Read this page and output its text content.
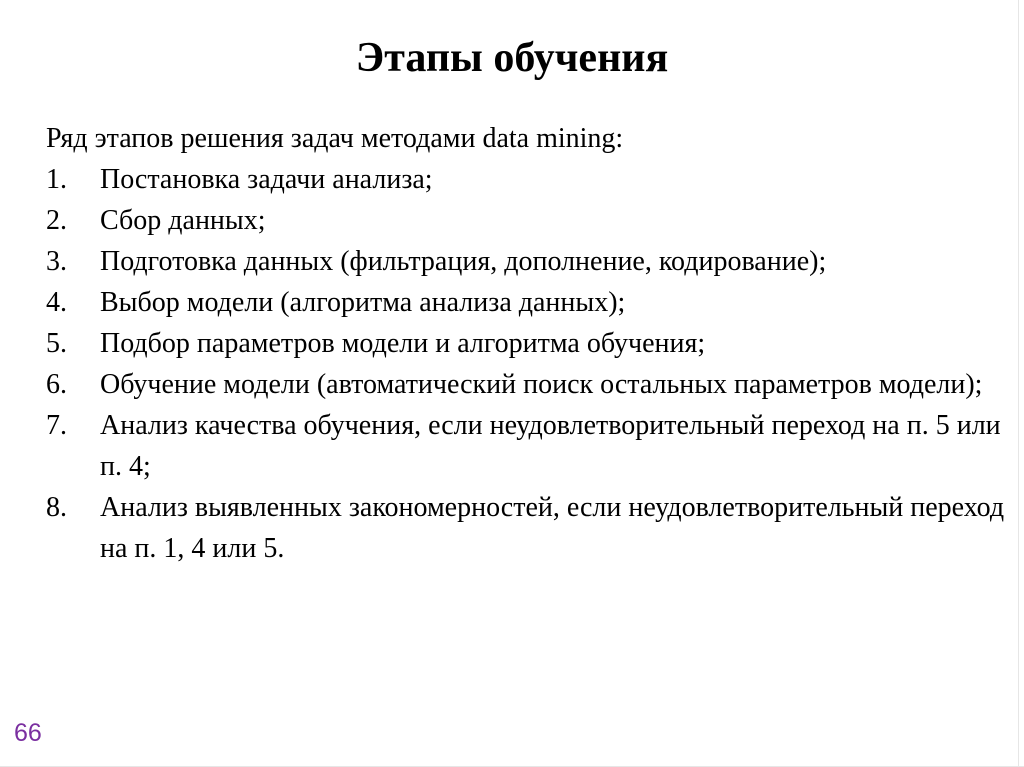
Этапы обучения

Ряд этапов решения задач методами data mining:

1.	Постановка задачи анализа;
2.	Сбор данных;
3.	Подготовка данных (фильтрация, дополнение, кодирование);
4.	Выбор модели (алгоритма анализа данных);
5.	Подбор параметров модели и алгоритма обучения;
6.	Обучение модели (автоматический поиск остальных параметров модели);
7.	Анализ качества обучения, если неудовлетворительный переход на п. 5 или п. 4;
8.	Анализ выявленных закономерностей, если неудовлетворительный переход на п. 1, 4 или 5.
66
